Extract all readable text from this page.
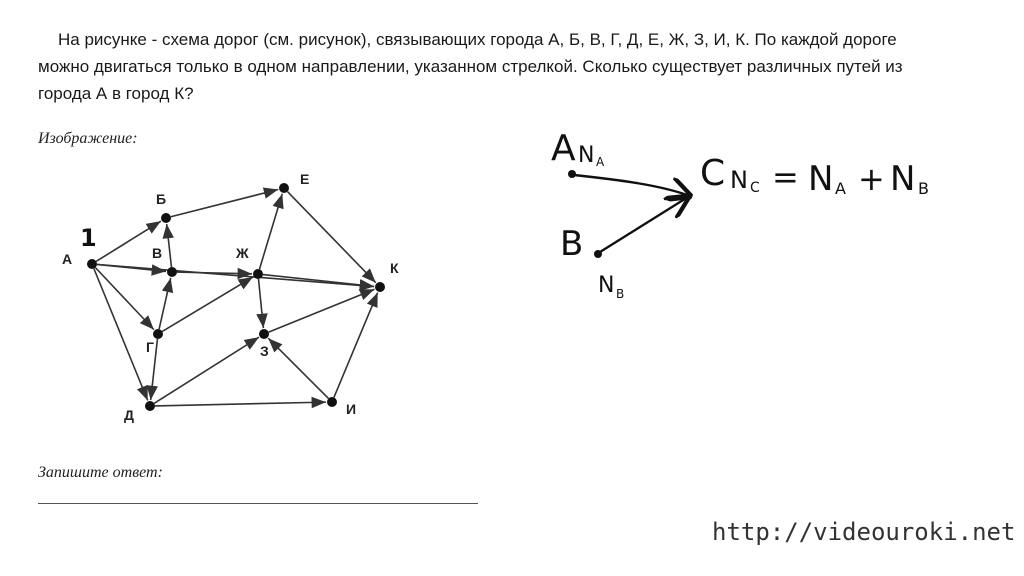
На рисунке - схема дорог (см. рисунок), связывающих города А, Б, В, Г, Д, Е, Ж, З, И, К. По каждой дороге можно двигаться только в одном направлении, указанном стрелкой. Сколько существует различных путей из города А в город К?
Изображение:
А
Б
В
Г
Д
Е
Ж
З
И
К
1
A N A
B
N B
C N C = N A + N B
Запишите ответ:
http://videouroki.net
